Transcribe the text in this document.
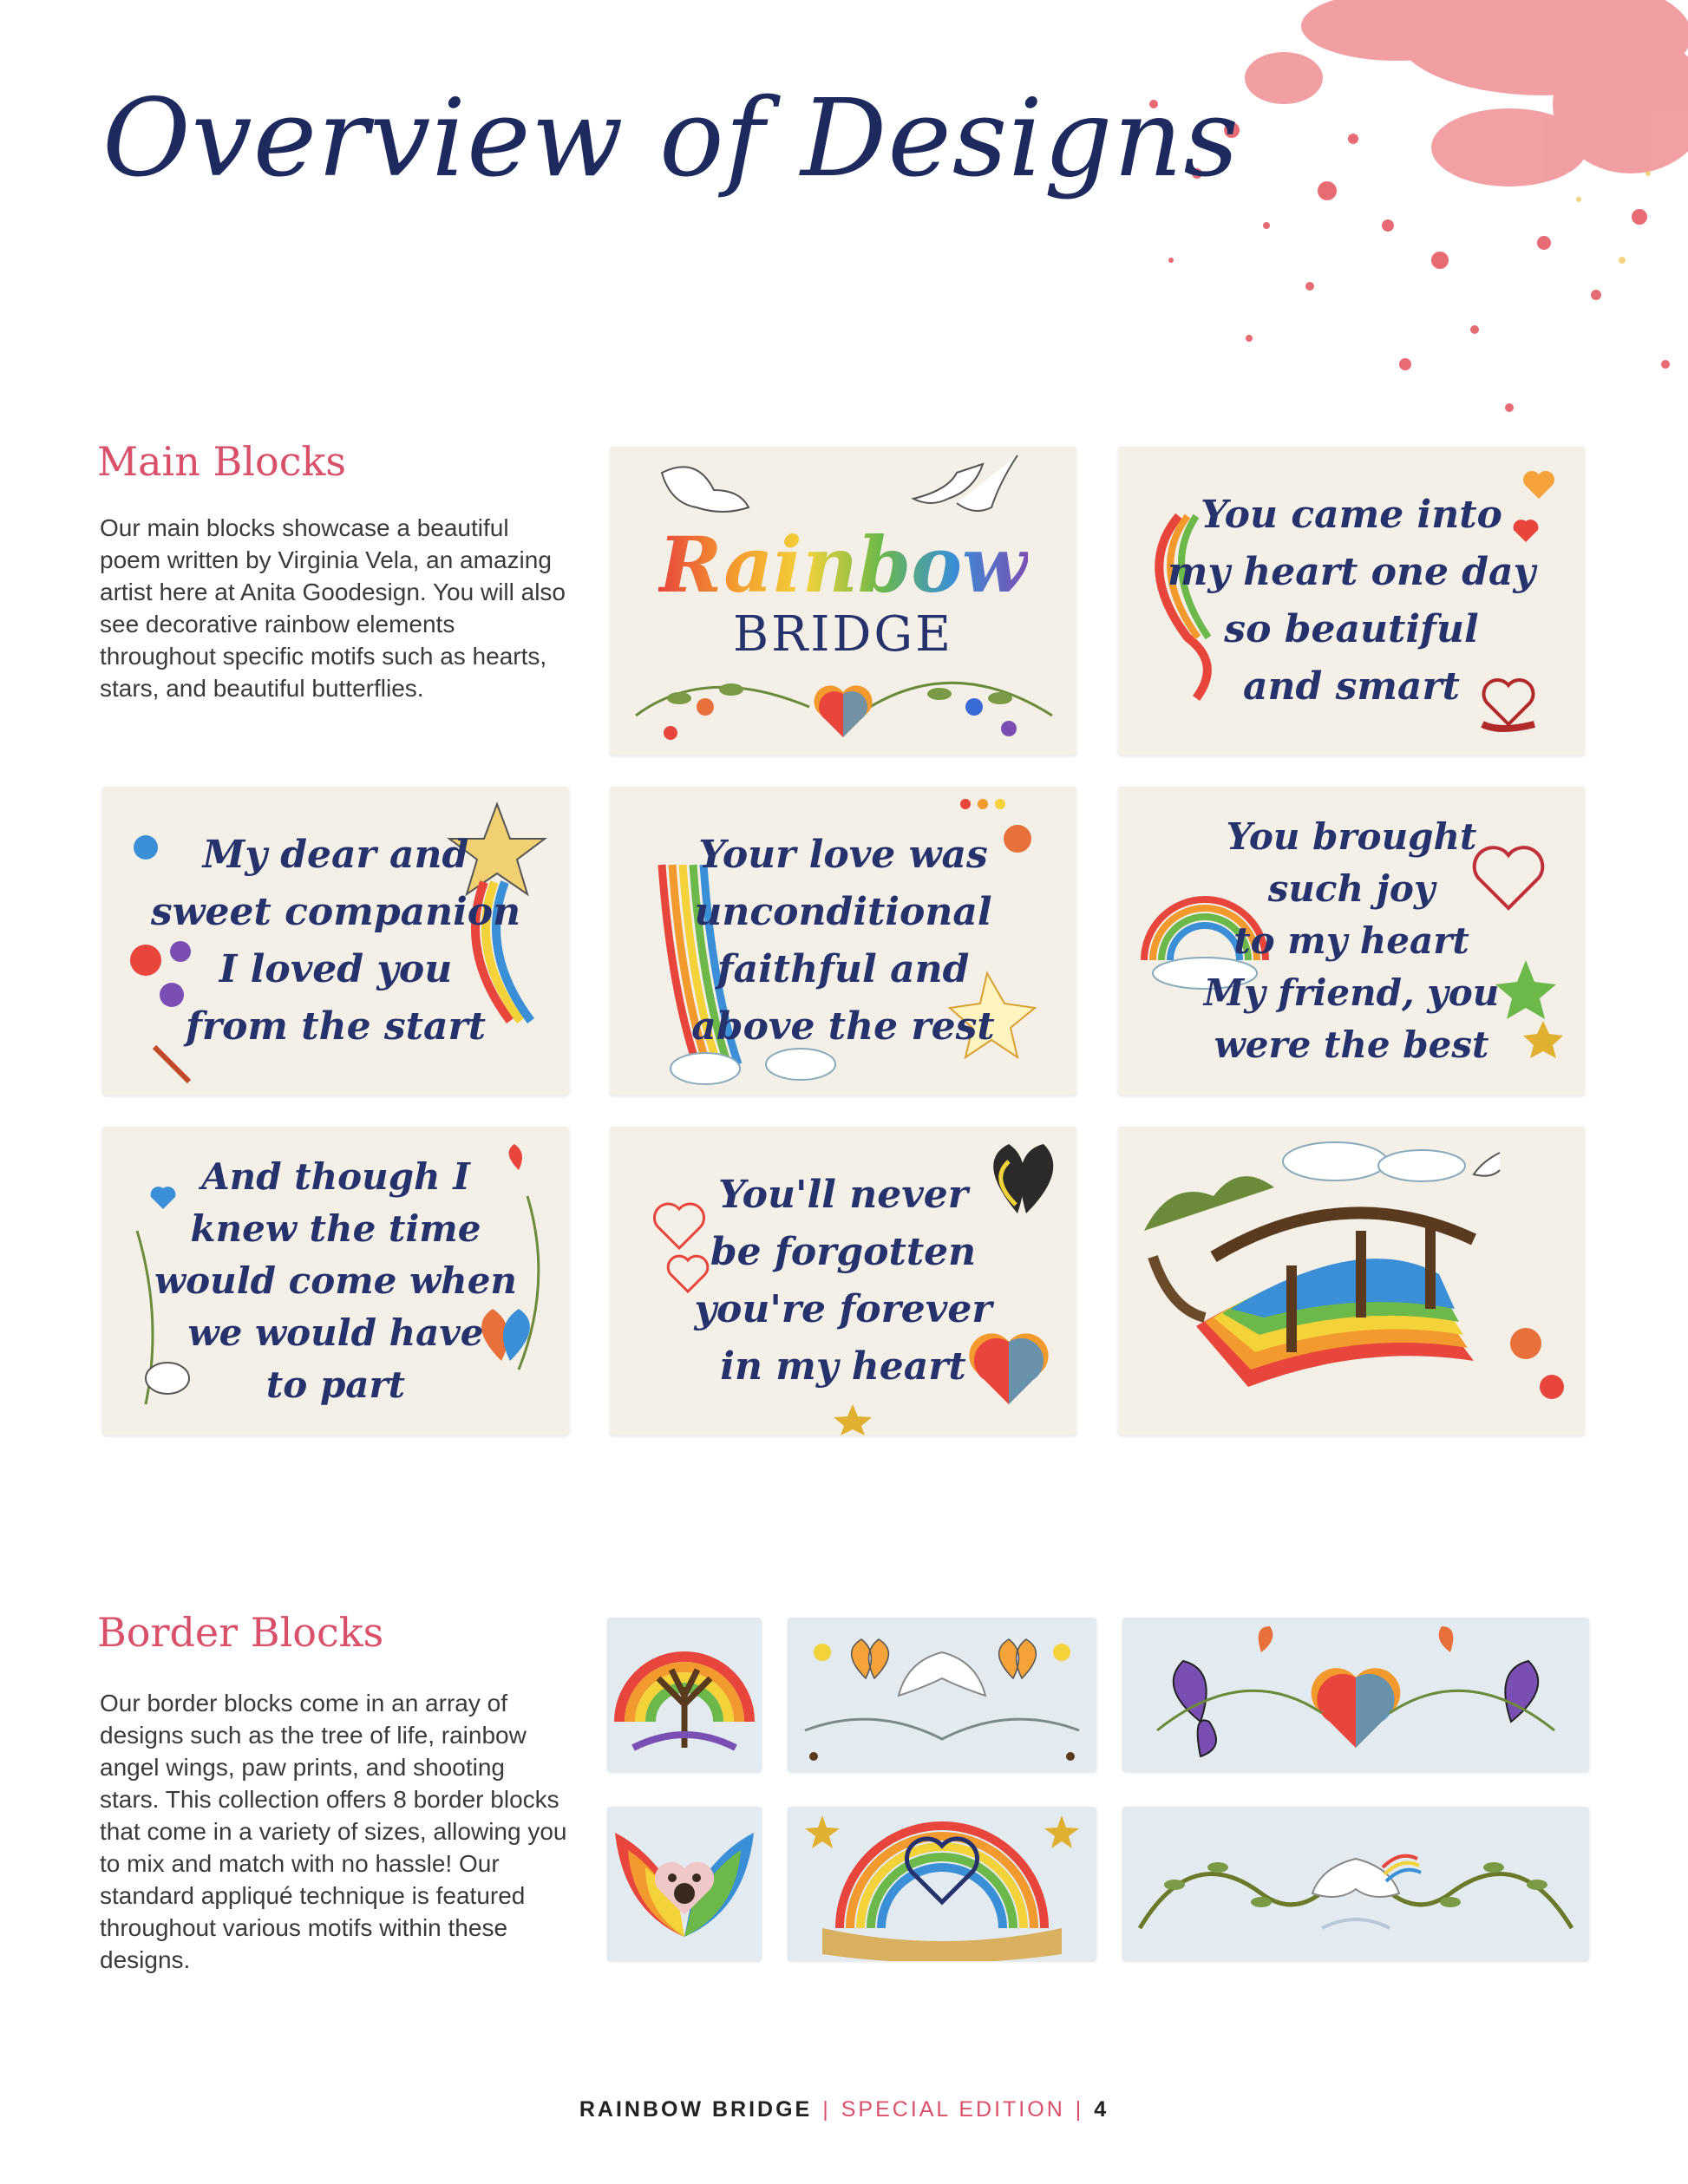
Overview of Designs
Main Blocks
Our main blocks showcase a beautiful poem written by Virginia Vela, an amazing artist here at Anita Goodesign. You will also see decorative rainbow elements throughout specific motifs such as hearts, stars, and beautiful butterflies.
Rainbow
BRIDGE
You came into
my heart one day
so beautiful
and smart
My dear and
sweet companion
I loved you
from the start
Your love was
unconditional
faithful and
above the rest
You brought
such joy
to my heart
My friend, you
were the best
And though I
knew the time
would come when
we would have
to part
You'll never
be forgotten
you're forever
in my heart
Border Blocks
Our border blocks come in an array of designs such as the tree of life, rainbow angel wings, paw prints, and shooting stars. This collection offers 8 border blocks that come in a variety of sizes, allowing you to mix and match with no hassle! Our standard appliqué technique is featured throughout various motifs within these designs.
RAINBOW BRIDGE | SPECIAL EDITION | 4
